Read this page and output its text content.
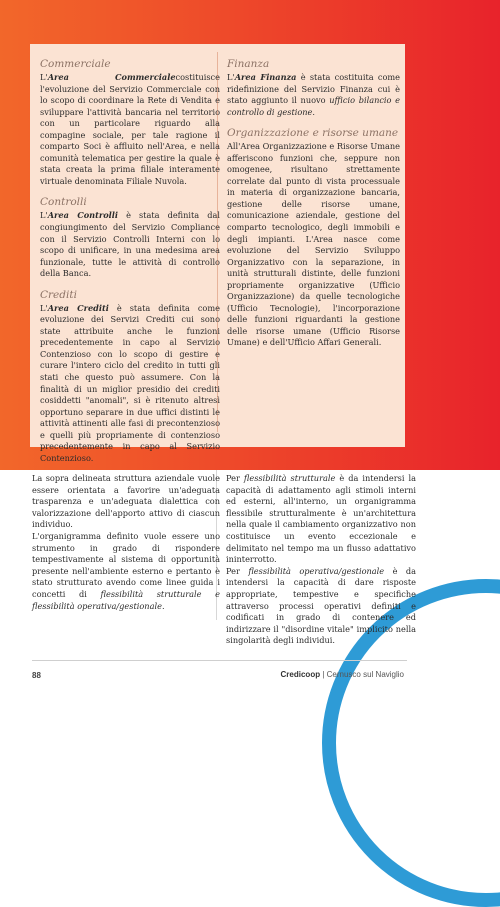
Commerciale

L'Area Commercialecostituisce l'evoluzione del Servizio Commerciale con lo scopo di coordinare la Rete di Vendita e sviluppare l'attività bancaria nel territorio con un particolare riguardo alla compagine sociale, per tale ragione il comparto Soci è affluito nell'Area, e nella comunità telematica per gestire la quale è stata creata la prima filiale interamente virtuale denominata Filiale Nuvola.

Controlli

L'Area Controlli è stata definita dal congiungimento del Servizio Compliance con il Servizio Controlli Interni con lo scopo di unificare, in una medesima area funzionale, tutte le attività di controllo della Banca.

Crediti

L'Area Crediti è stata definita come evoluzione dei Servizi Crediti cui sono state attribuite anche le funzioni precedentemente in capo al Servizio Contenzioso con lo scopo di gestire e curare l'intero ciclo del credito in tutti gli stati che questo può assumere. Con la finalità di un miglior presidio dei crediti cosiddetti "anomali", si è ritenuto altresì opportuno separare in due uffici distinti le attività attinenti alle fasi di precontenzioso e quelli più propriamente di contenzioso precedentemente in capo al Servizio Contenzioso.

Finanza

L'Area Finanza è stata costituita come ridefinizione del Servizio Finanza cui è stato aggiunto il nuovo ufficio bilancio e controllo di gestione.

Organizzazione e risorse umane

All'Area Organizzazione e Risorse Umane afferiscono funzioni che, seppure non omogenee, risultano strettamente correlate dal punto di vista processuale in materia di organizzazione bancaria, gestione delle risorse umane, comunicazione aziendale, gestione del comparto tecnologico, degli immobili e degli impianti. L'Area nasce come evoluzione del Servizio Sviluppo Organizzativo con la separazione, in unità strutturali distinte, delle funzioni propriamente organizzative (Ufficio Organizzazione) da quelle tecnologiche (Ufficio Tecnologie), l'incorporazione delle funzioni riguardanti la gestione delle risorse umane (Ufficio Risorse Umane) e dell'Ufficio Affari Generali.

La sopra delineata struttura aziendale vuole essere orientata a favorire un'adeguata trasparenza e un'adeguata dialettica con valorizzazione dell'apporto attivo di ciascun individuo.

L'organigramma definito vuole essere uno strumento in grado di rispondere tempestivamente al sistema di opportunità presente nell'ambiente esterno e pertanto è stato strutturato avendo come linee guida i concetti di flessibilità strutturale e flessibilità operativa/gestionale.

Per flessibilità strutturale è da intendersi la capacità di adattamento agli stimoli interni ed esterni, all'interno, un organigramma flessibile strutturalmente è un'architettura nella quale il cambiamento organizzativo non costituisce un evento eccezionale e delimitato nel tempo ma un flusso adattativo ininterrotto.

Per flessibilità operativa/gestionale è da intendersi la capacità di dare risposte appropriate, tempestive e specifiche attraverso processi operativi definiti e codificati in grado di contenere ed indirizzare il "disordine vitale" implicito nella singolarità degli individui.

88	Credicoop | Cernusco sul Naviglio
